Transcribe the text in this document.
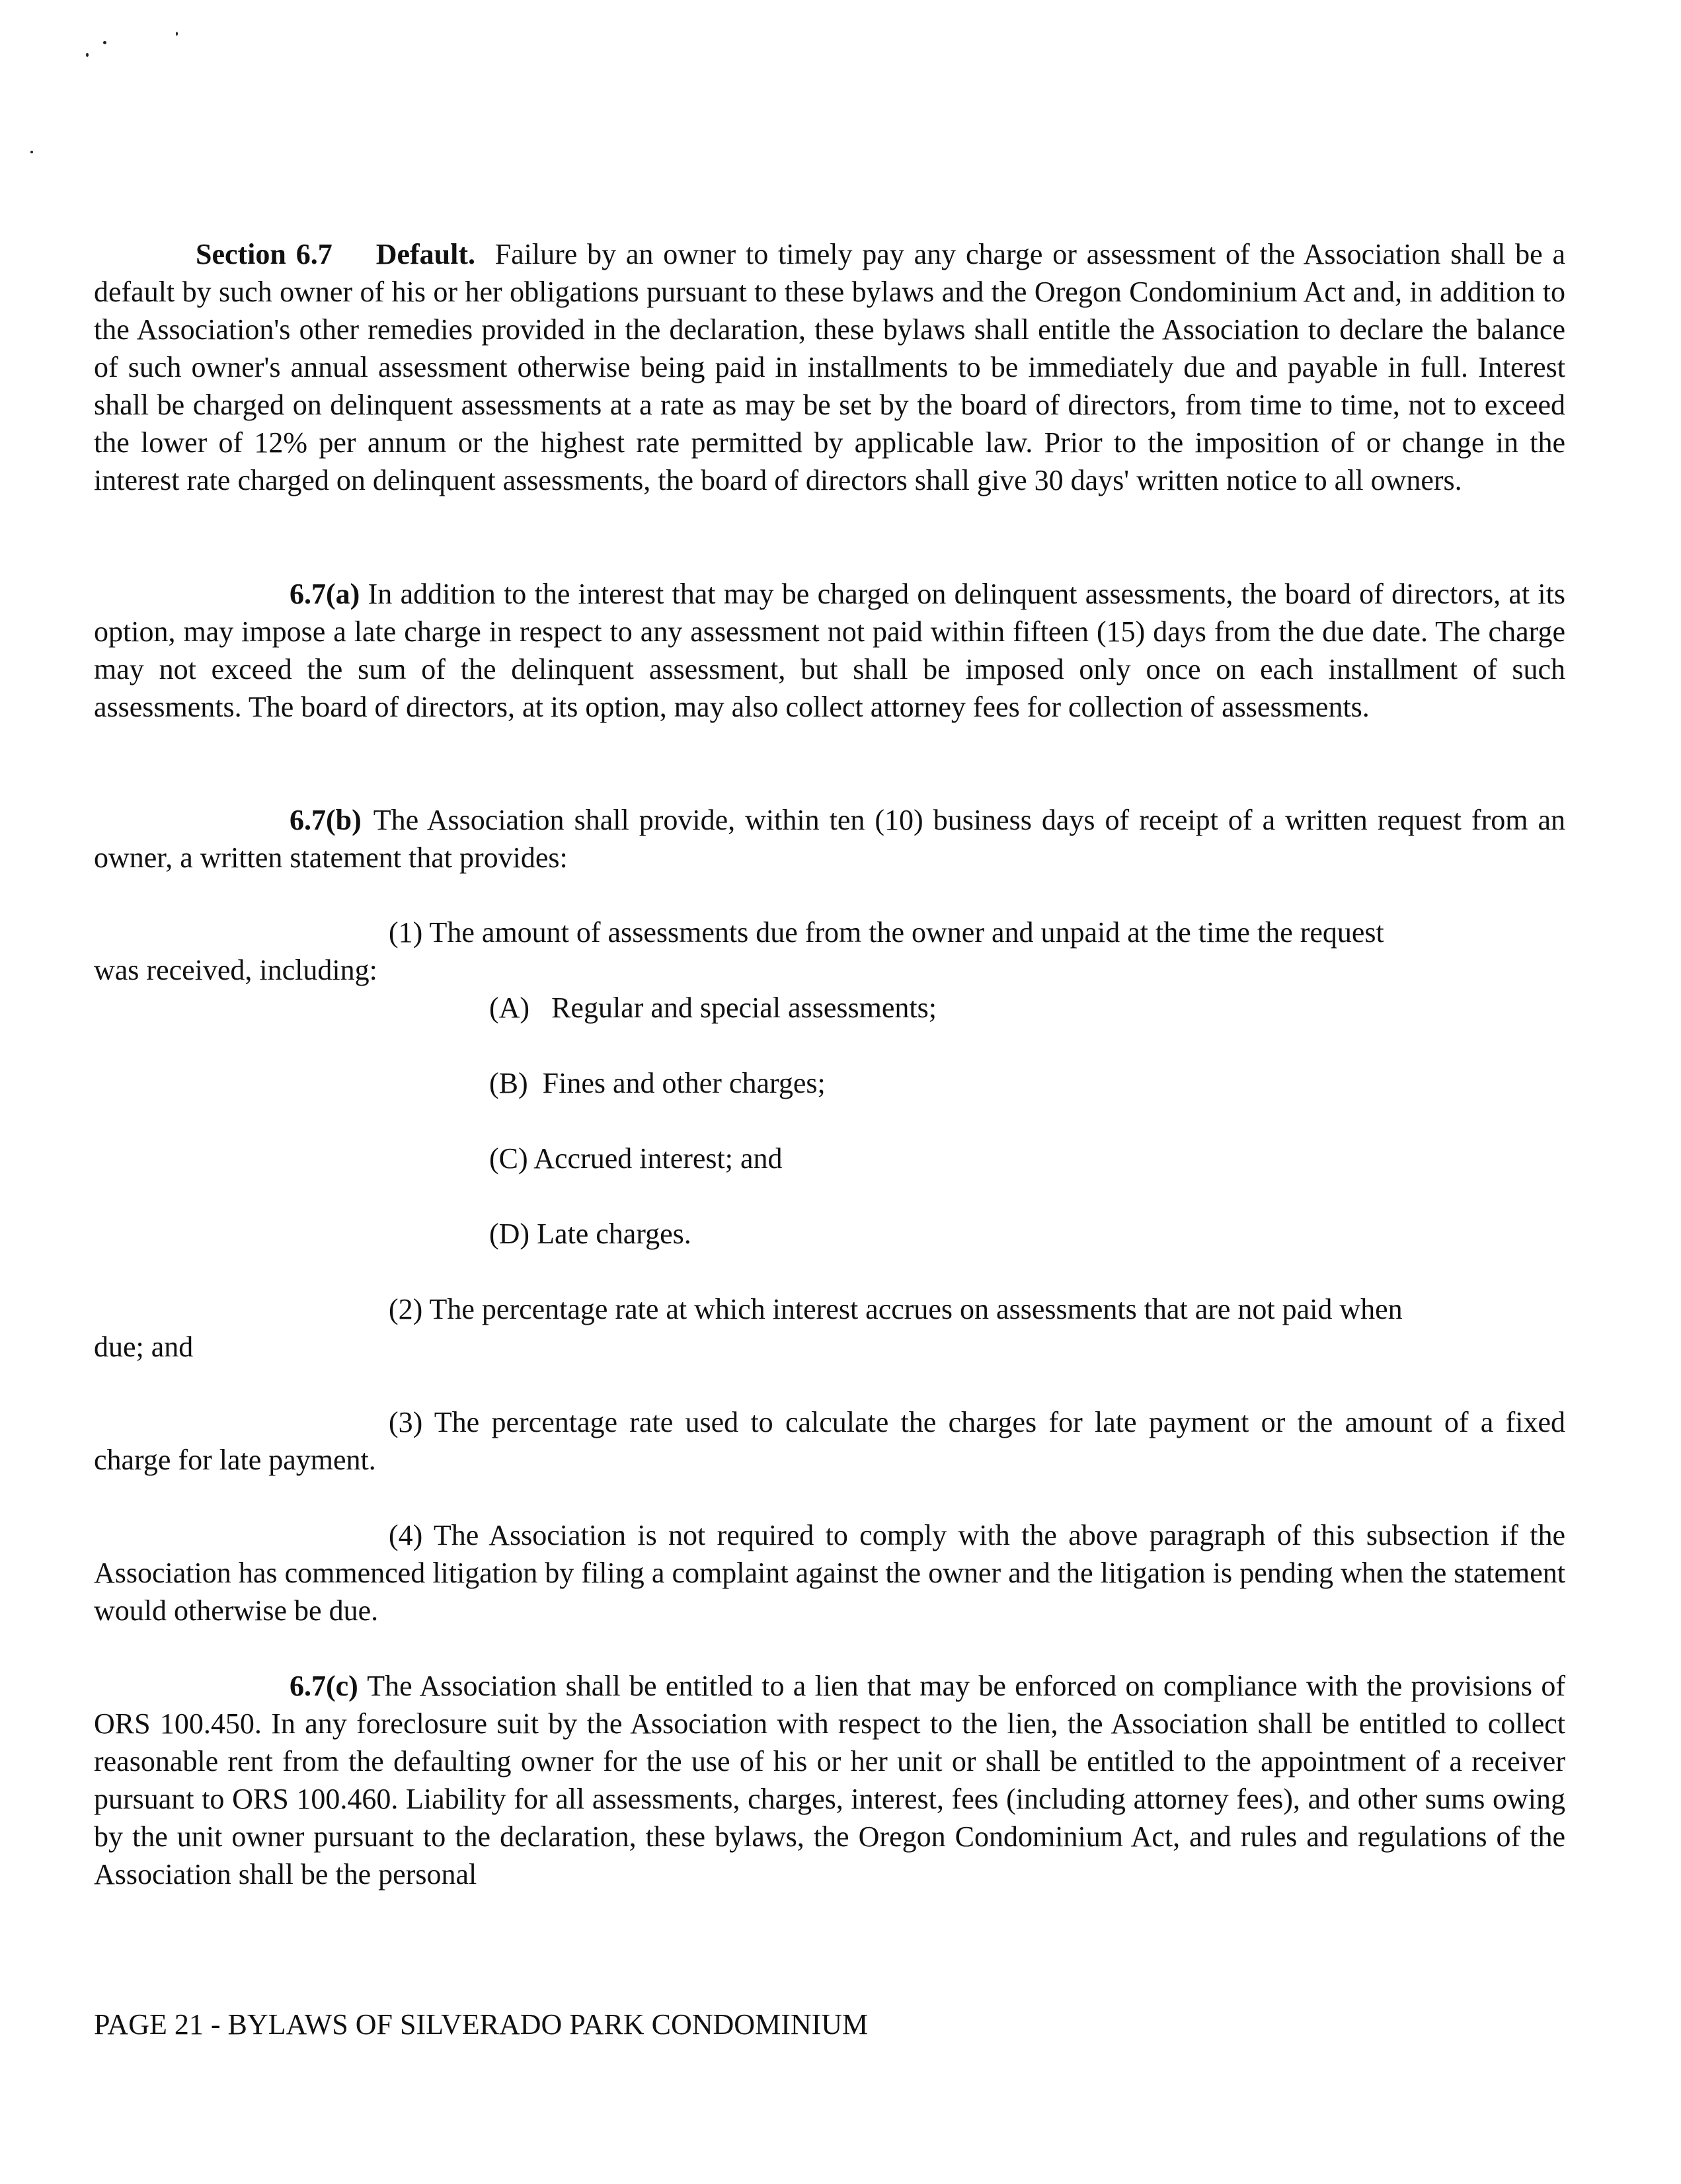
Section 6.7 Default. Failure by an owner to timely pay any charge or assessment of the Association shall be a default by such owner of his or her obligations pursuant to these bylaws and the Oregon Condominium Act and, in addition to the Association's other remedies provided in the declaration, these bylaws shall entitle the Association to declare the balance of such owner's annual assessment otherwise being paid in installments to be immediately due and payable in full. Interest shall be charged on delinquent assessments at a rate as may be set by the board of directors, from time to time, not to exceed the lower of 12% per annum or the highest rate permitted by applicable law. Prior to the imposition of or change in the interest rate charged on delinquent assessments, the board of directors shall give 30 days' written notice to all owners.
6.7(a) In addition to the interest that may be charged on delinquent assessments, the board of directors, at its option, may impose a late charge in respect to any assessment not paid within fifteen (15) days from the due date. The charge may not exceed the sum of the delinquent assessment, but shall be imposed only once on each installment of such assessments. The board of directors, at its option, may also collect attorney fees for collection of assessments.
6.7(b) The Association shall provide, within ten (10) business days of receipt of a written request from an owner, a written statement that provides:
(1) The amount of assessments due from the owner and unpaid at the time the request
was received, including:
(A)   Regular and special assessments;
(B)  Fines and other charges;
(C) Accrued interest; and
(D) Late charges.
(2) The percentage rate at which interest accrues on assessments that are not paid when
due; and
(3) The percentage rate used to calculate the charges for late payment or the amount of a fixed charge for late payment.
(4) The Association is not required to comply with the above paragraph of this subsection if the Association has commenced litigation by filing a complaint against the owner and the litigation is pending when the statement would otherwise be due.
6.7(c) The Association shall be entitled to a lien that may be enforced on compliance with the provisions of ORS 100.450. In any foreclosure suit by the Association with respect to the lien, the Association shall be entitled to collect reasonable rent from the defaulting owner for the use of his or her unit or shall be entitled to the appointment of a receiver pursuant to ORS 100.460. Liability for all assessments, charges, interest, fees (including attorney fees), and other sums owing by the unit owner pursuant to the declaration, these bylaws, the Oregon Condominium Act, and rules and regulations of the Association shall be the personal
PAGE 21 - BYLAWS OF SILVERADO PARK CONDOMINIUM
